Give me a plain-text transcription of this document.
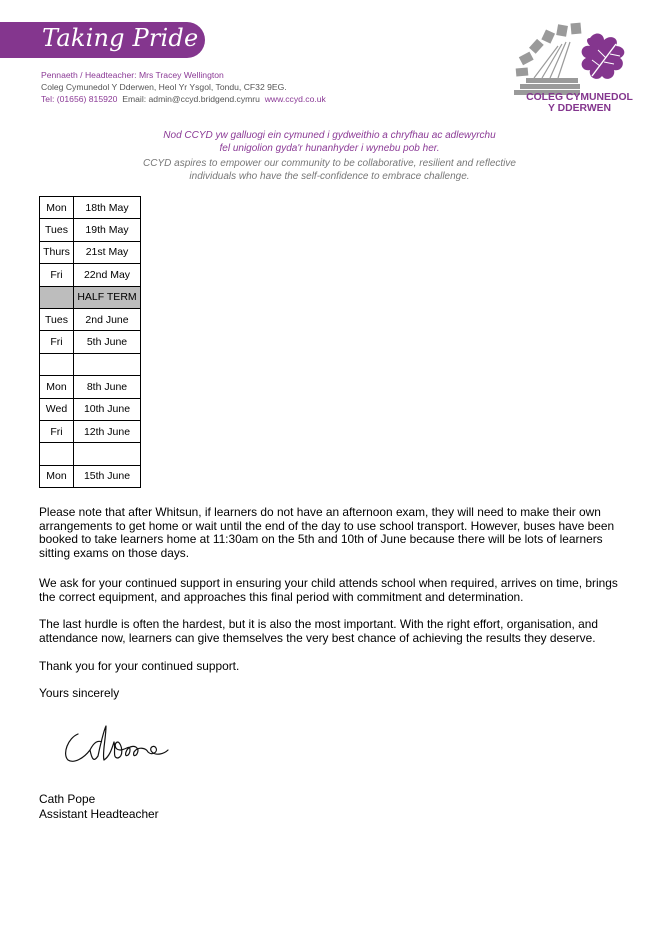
Taking Pride
Pennaeth / Headteacher: Mrs Tracey Wellington
Coleg Cymunedol Y Dderwen, Heol Yr Ysgol, Tondu, CF32 9EG.
Tel: (01656) 815920 Email: admin@ccyd.bridgend.cymru www.ccyd.co.uk	COLEG CYMUNEDOL
Y DDERWEN
Nod CCYD yw galluogi ein cymuned i gydweithio a chryfhau ac adlewyrchu
fel unigolion gyda'r hunanhyder i wynebu pob her.
CCYD aspires to empower our community to be collaborative, resilient and reflective
individuals who have the self-confidence to embrace challenge.
Mon	18th May
Tues	19th May
Thurs	21st May
Fri	22nd May
	HALF TERM
Tues	2nd June
Fri	5th June

Mon	8th June
Wed	10th June
Fri	12th June

Mon	15th June

Please note that after Whitsun, if learners do not have an afternoon exam, they will need to make their own arrangements to get home or wait until the end of the day to use school transport. However, buses have been booked to take learners home at 11:30am on the 5th and 10th of June because there will be lots of learners sitting exams on those days.

We ask for your continued support in ensuring your child attends school when required, arrives on time, brings the correct equipment, and approaches this final period with commitment and determination.

The last hurdle is often the hardest, but it is also the most important. With the right effort, organisation, and attendance now, learners can give themselves the very best chance of achieving the results they deserve.

Thank you for your continued support.

Yours sincerely

Cath Pope
Assistant Headteacher
